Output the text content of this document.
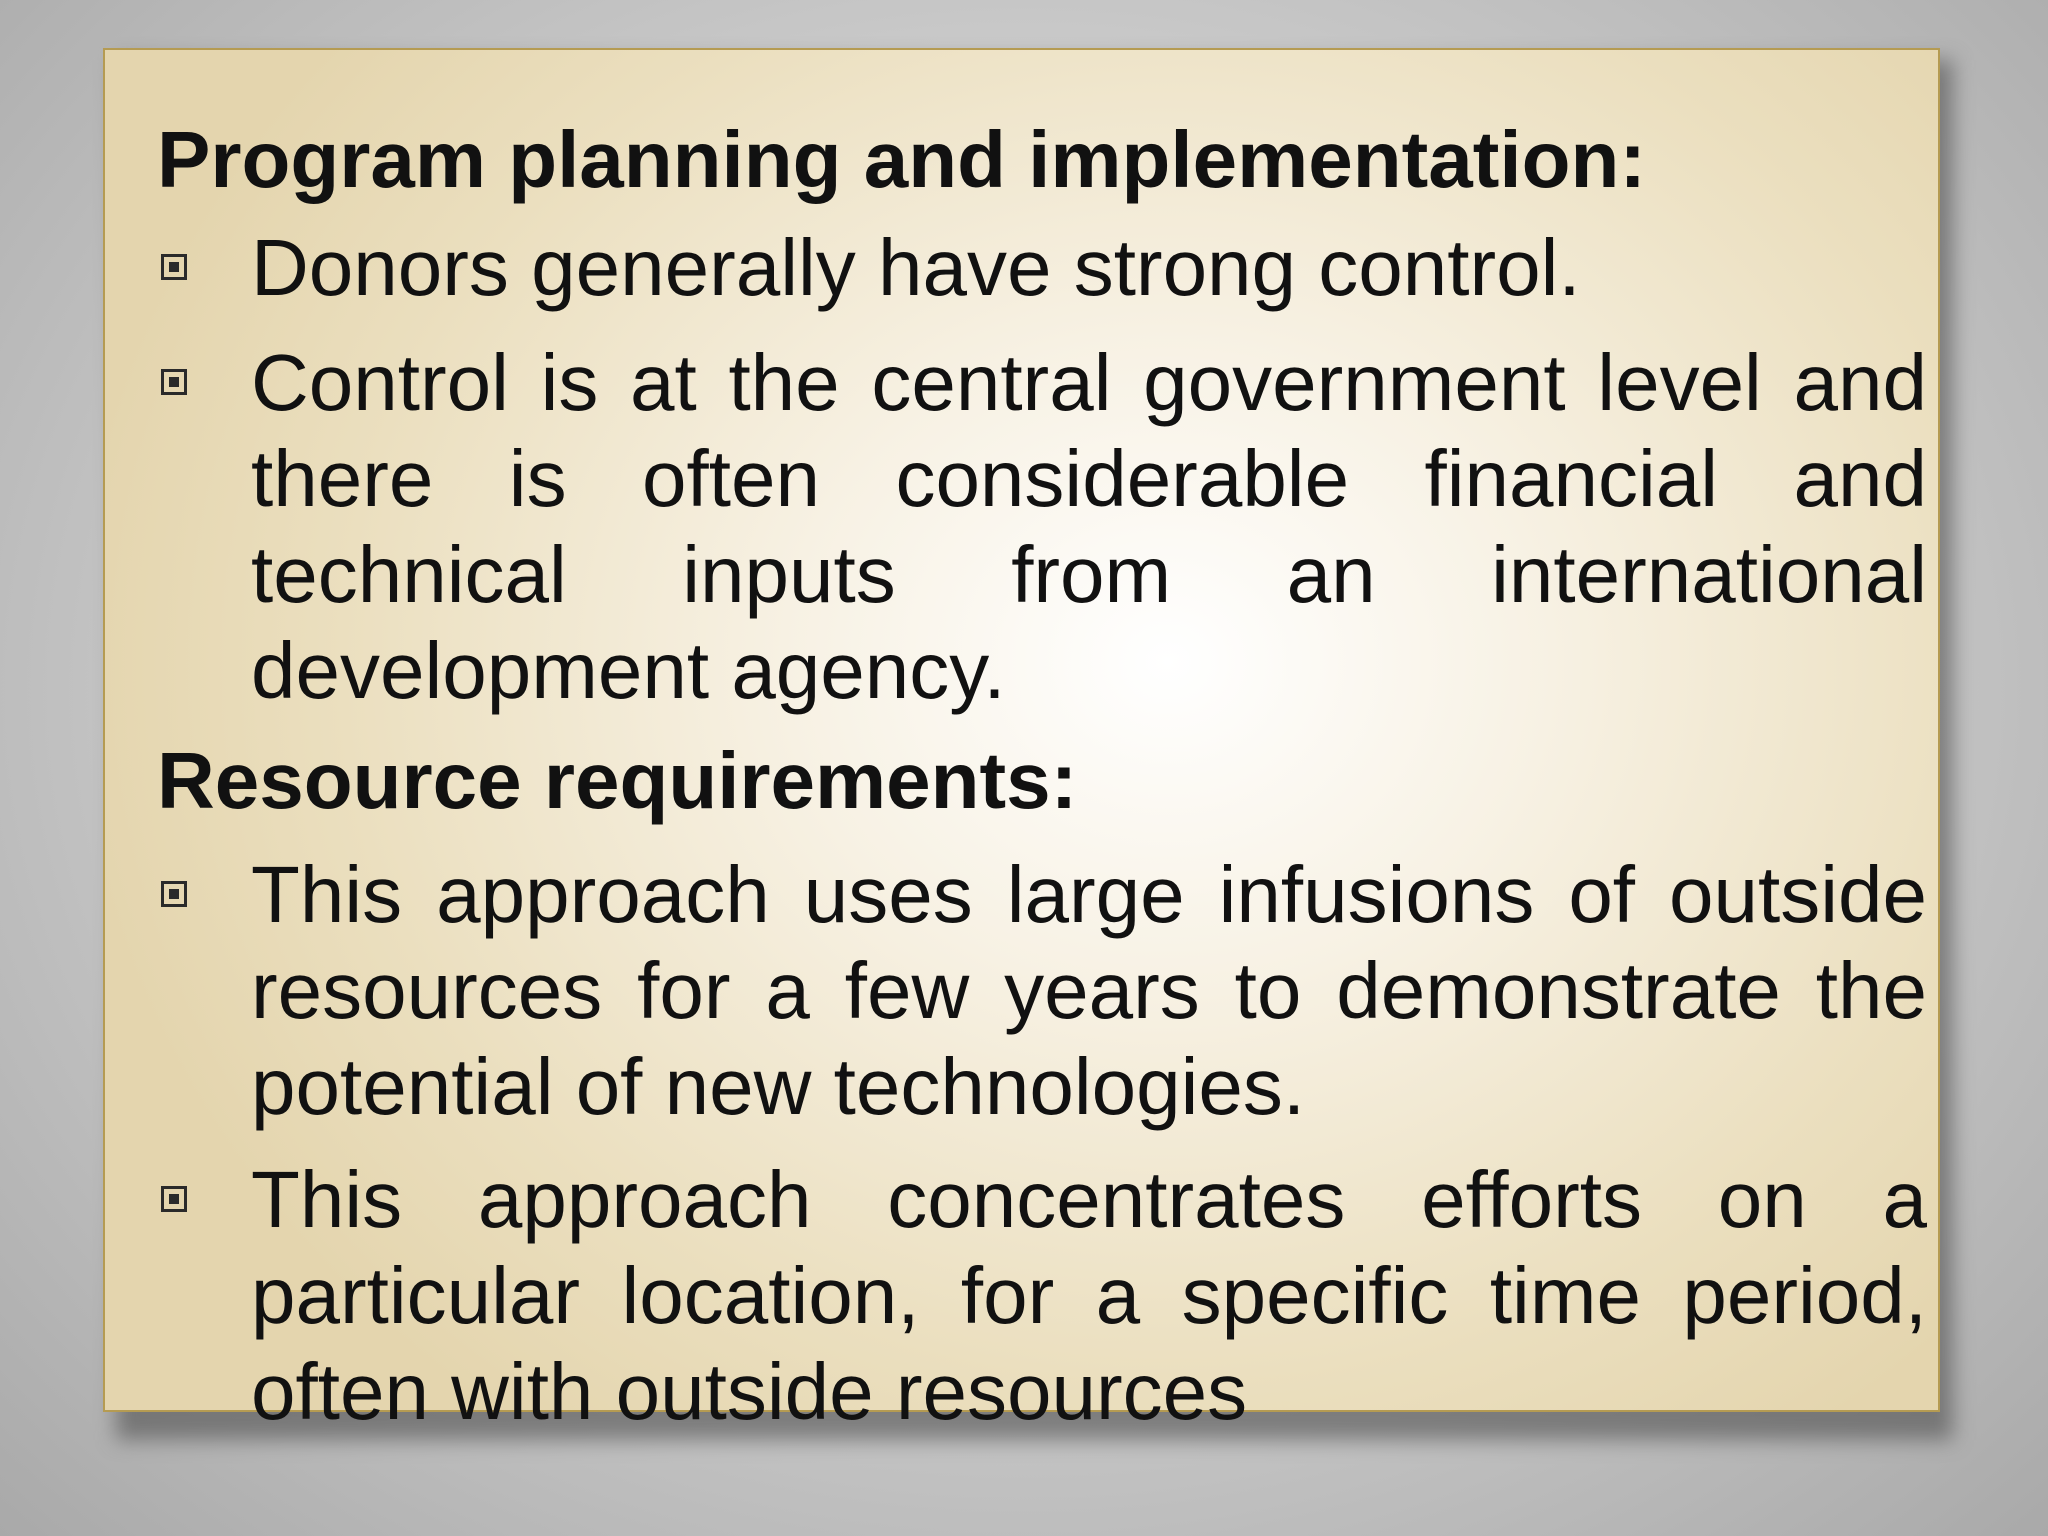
Program planning and implementation:
Donors generally have strong control.
Control is at the central government level and there is often considerable financial and technical inputs from an international development agency.
Resource requirements:
This approach uses large infusions of outside resources for a few years to demonstrate the potential of new technologies.
This approach concentrates efforts on a particular location, for a specific time period, often with outside resources
